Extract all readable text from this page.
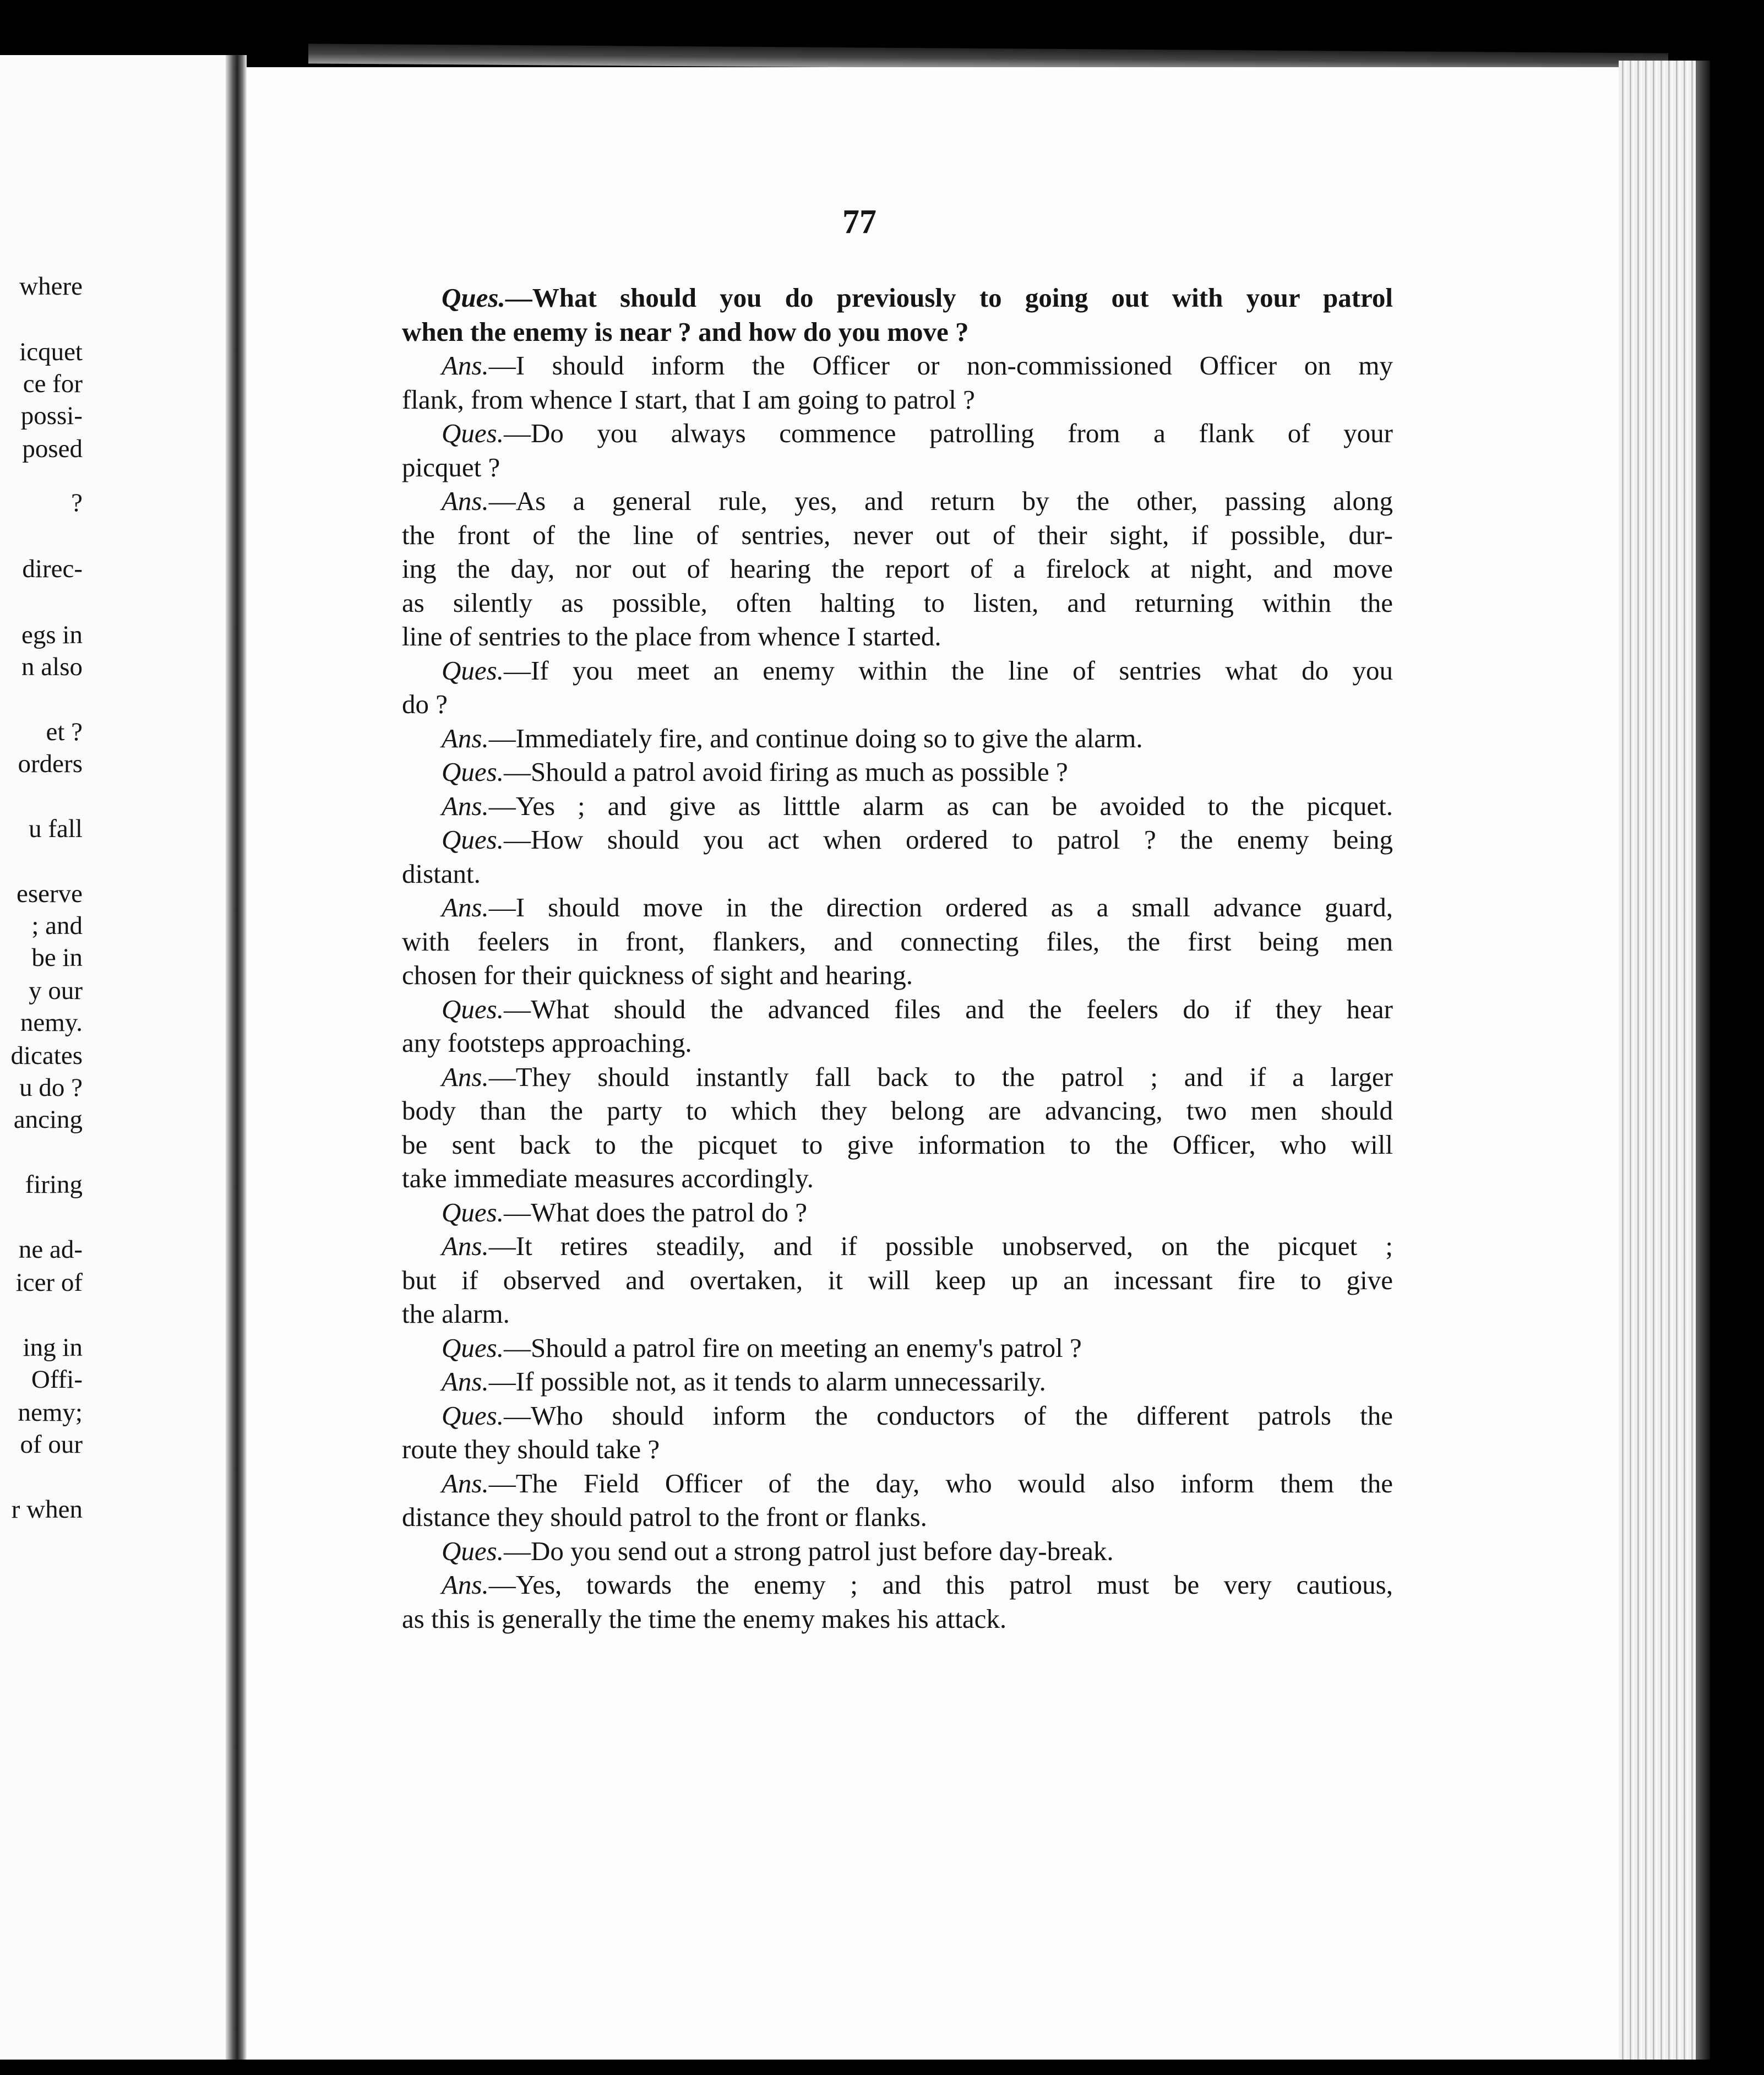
where
icquet
ce for
possi-
posed
?
direc-
egs in
n also
et ?
orders
u fall
eserve
; and
be in
y our
nemy.
dicates
u do ?
ancing
firing
ne ad-
icer of
ing in
Offi-
nemy;
of our
r when
77
Ques.—What should you do previously to going out with your patrol
when the enemy is near ? and how do you move ?
Ans.—I should inform the Officer or non-commissioned Officer on my
flank, from whence I start, that I am going to patrol ?
Ques.—Do you always commence patrolling from a flank of your
picquet ?
Ans.—As a general rule, yes, and return by the other, passing along
the front of the line of sentries, never out of their sight, if possible, dur-
ing the day, nor out of hearing the report of a firelock at night, and move
as silently as possible, often halting to listen, and returning within the
line of sentries to the place from whence I started.
Ques.—If you meet an enemy within the line of sentries what do you
do ?
Ans.—Immediately fire, and continue doing so to give the alarm.
Ques.—Should a patrol avoid firing as much as possible ?
Ans.—Yes ; and give as litttle alarm as can be avoided to the picquet.
Ques.—How should you act when ordered to patrol ? the enemy being
distant.
Ans.—I should move in the direction ordered as a small advance guard,
with feelers in front, flankers, and connecting files, the first being men
chosen for their quickness of sight and hearing.
Ques.—What should the advanced files and the feelers do if they hear
any footsteps approaching.
Ans.—They should instantly fall back to the patrol ; and if a larger
body than the party to which they belong are advancing, two men should
be sent back to the picquet to give information to the Officer, who will
take immediate measures accordingly.
Ques.—What does the patrol do ?
Ans.—It retires steadily, and if possible unobserved, on the picquet ;
but if observed and overtaken, it will keep up an incessant fire to give
the alarm.
Ques.—Should a patrol fire on meeting an enemy's patrol ?
Ans.—If possible not, as it tends to alarm unnecessarily.
Ques.—Who should inform the conductors of the different patrols the
route they should take ?
Ans.—The Field Officer of the day, who would also inform them the
distance they should patrol to the front or flanks.
Ques.—Do you send out a strong patrol just before day-break.
Ans.—Yes, towards the enemy ; and this patrol must be very cautious,
as this is generally the time the enemy makes his attack.
